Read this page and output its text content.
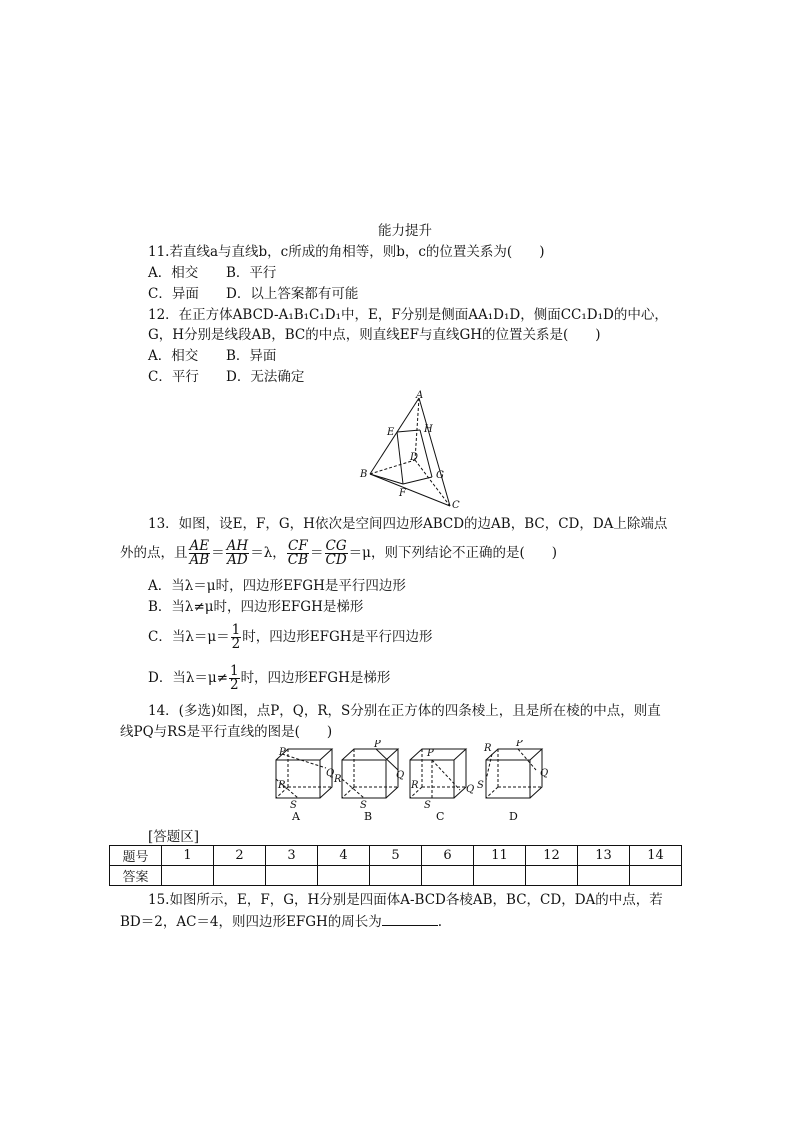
能力提升
11.若直线a与直线b，c所成的角相等，则b，c的位置关系为(　　)
A．相交 B．平行
C．异面 D．以上答案都有可能
12．在正方体ABCD-A₁B₁C₁D₁中，E，F分别是侧面AA₁D₁D，侧面CC₁D₁D的中心，
G，H分别是线段AB，BC的中点，则直线EF与直线GH的位置关系是(　　)
A．相交 B．异面
C．平行 D．无法确定
A
E	H
D
B	G
F
C
13．如图，设E，F，G，H依次是空间四边形ABCD的边AB，BC，CD，DA上除端点
外的点，且 $\frac{AE}{AB} = \frac{AH}{AD} =\lambda$， $\frac{CF}{CB} = \frac{CG}{CD} =\mu$，则下列结论不正确的是(　　)
A．当λ＝μ时，四边形EFGH是平行四边形
B．当λ≠μ时，四边形EFGH是梯形
C．当$\lambda=\mu= \frac{1}{2}$ 时，四边形EFGH是平行四边形
D．当$\lambda=\mu\ne \frac{1}{2}$ 时，四边形EFGH是梯形
14．(多选)如图，点P，Q，R，S分别在正方体的四条棱上，且是所在棱的中点，则直
线PQ与RS是平行直线的图是(　　)
P
Q
R
S
P
Q
R
S
P
Q
R
S
R P
Q
S
A	B	C	D
[答题区]
题号	1	2	3	4	5	6	11	12	13	14
答案										
15.如图所示，E，F，G，H分别是四面体A-BCD各棱AB，BC，CD，DA的中点，若
BD＝2，AC＝4，则四边形EFGH的周长为	.
